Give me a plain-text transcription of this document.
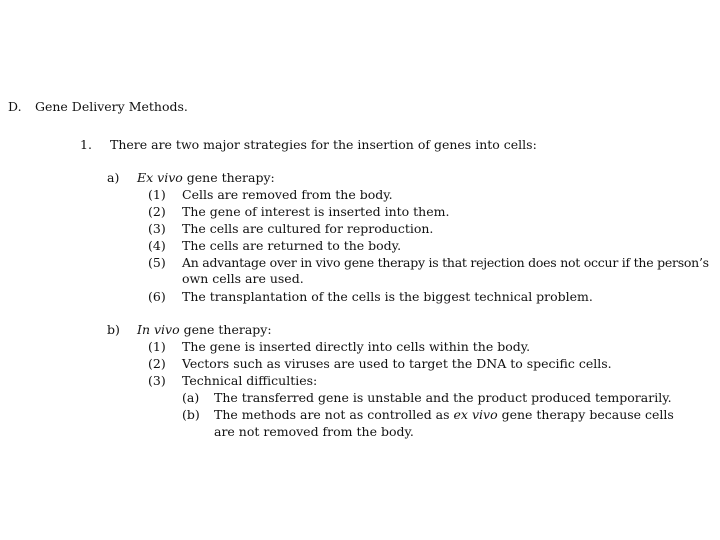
D. Gene Delivery Methods.
1. There are two major strategies for the insertion of genes into cells:
a) Ex vivo gene therapy:
(1) Cells are removed from the body.
(2) The gene of interest is inserted into them.
(3) The cells are cultured for reproduction.
(4) The cells are returned to the body.
(5) An advantage over in vivo gene therapy is that rejection does not occur if the person’s
own cells are used.
(6) The transplantation of the cells is the biggest technical problem.
b) In vivo gene therapy:
(1) The gene is inserted directly into cells within the body.
(2) Vectors such as viruses are used to target the DNA to specific cells.
(3) Technical difficulties:
(a) The transferred gene is unstable and the product produced temporarily.
(b) The methods are not as controlled as ex vivo gene therapy because cells
are not removed from the body.
